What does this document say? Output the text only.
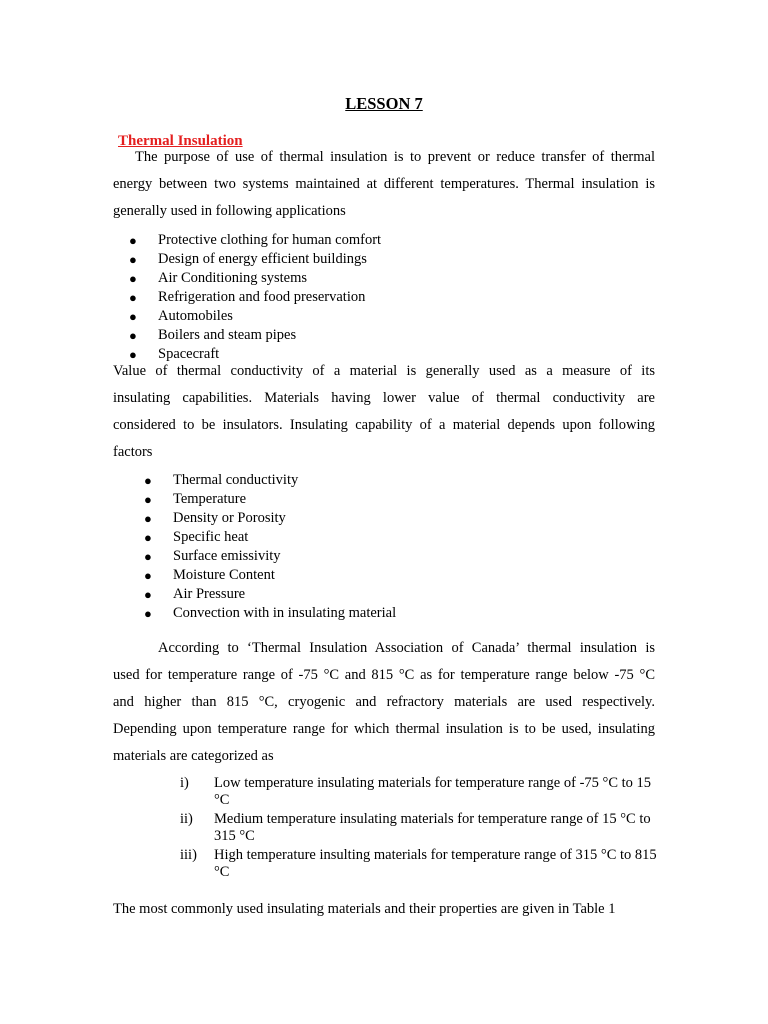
LESSON 7
Thermal Insulation

The purpose of use of thermal insulation is to prevent or reduce transfer of thermal
energy between two systems maintained at different temperatures. Thermal insulation is
generally used in following applications

● Protective clothing for human comfort
● Design of energy efficient buildings
● Air Conditioning systems
● Refrigeration and food preservation
● Automobiles
● Boilers and steam pipes
● Spacecraft

Value of thermal conductivity of a material is generally used as a measure of its
insulating capabilities. Materials having lower value of thermal conductivity are
considered to be insulators. Insulating capability of a material depends upon following
factors

● Thermal conductivity
● Temperature
● Density or Porosity
● Specific heat
● Surface emissivity
● Moisture Content
● Air Pressure
● Convection with in insulating material

According to ‘Thermal Insulation Association of Canada’ thermal insulation is
used for temperature range of -75 °C and 815 °C as for temperature range below -75 °C
and higher than 815 °C, cryogenic and refractory materials are used respectively.
Depending upon temperature range for which thermal insulation is to be used, insulating
materials are categorized as

i) Low temperature insulating materials for temperature range of -75 °C to 15 °C
ii) Medium temperature insulating materials for temperature range of 15 °C to 315 °C
iii) High temperature insulting materials for temperature range of 315 °C to 815 °C
The most commonly used insulating materials and their properties are given in Table 1
